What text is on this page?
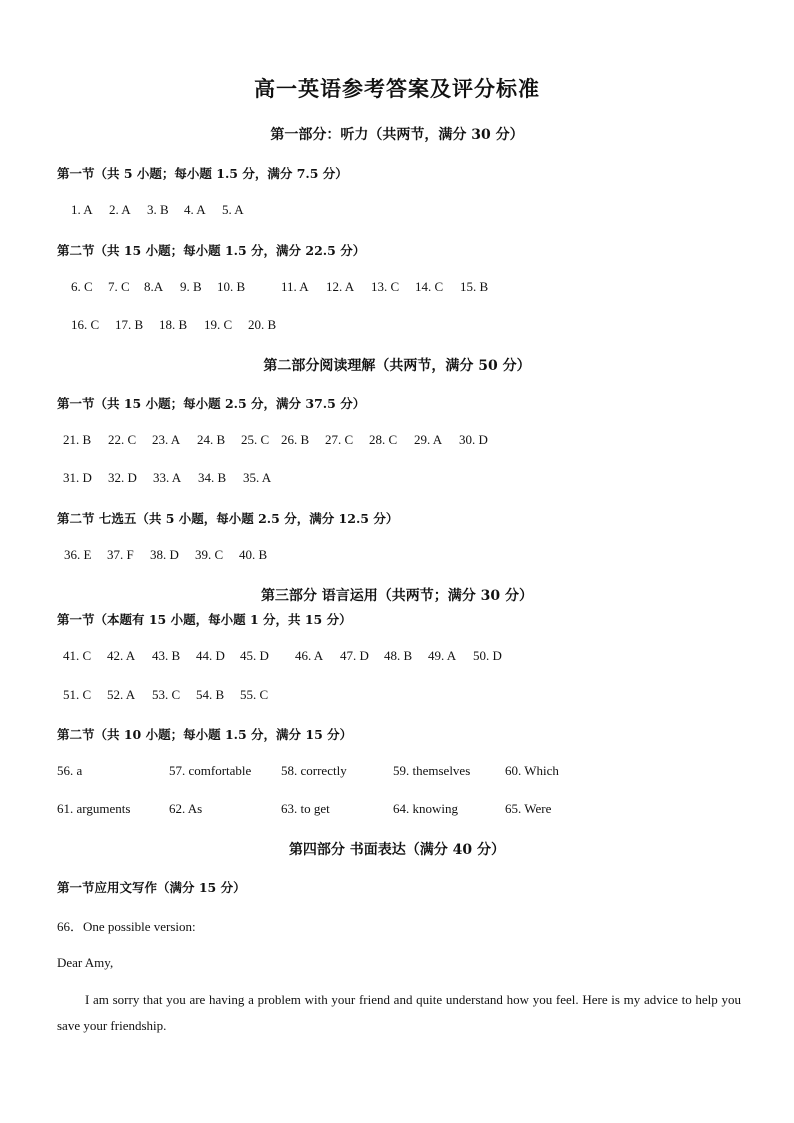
高一英语参考答案及评分标准
第一部分：听力（共两节，满分 30 分）
第一节（共 5 小题；每小题 1.5 分，满分 7.5 分）
1. A 2. A 3. B 4. A 5. A
第二节（共 15 小题；每小题 1.5 分，满分 22.5 分）
6. C 7. C 8.A 9. B 10. B	11. A 12. A 13. C 14. C 15. B
16. C 17. B 18. B 19. C 20. B
第二部分阅读理解（共两节，满分 50 分）
第一节（共 15 小题；每小题 2.5 分，满分 37.5 分）
21. B 22. C 23. A 24. B 25. C 26. B 27. C 28. C 29. A 30. D
31. D 32. D 33. A 34. B 35. A
第二节 七选五（共 5 小题，每小题 2.5 分，满分 12.5 分）
36. E 37. F 38. D 39. C 40. B
第三部分 语言运用（共两节；满分 30 分）
第一节（本题有 15 小题，每小题 1 分，共 15 分）
41. C 42. A 43. B 44. D 45. D 46. A 47. D 48. B 49. A 50. D
51. C 52. A 53. C 54. B 55. C
第二节（共 10 小题；每小题 1.5 分，满分 15 分）
56. a	57. comfortable 58. correctly	59. themselves	60. Which
61. arguments	62. As	63. to get	64. knowing	65. Were
第四部分 书面表达（满分 40 分）
第一节应用文写作（满分 15 分）
66．One possible version:
Dear Amy,
I am sorry that you are having a problem with your friend and quite understand how you feel. Here is my advice to help you save your friendship.
